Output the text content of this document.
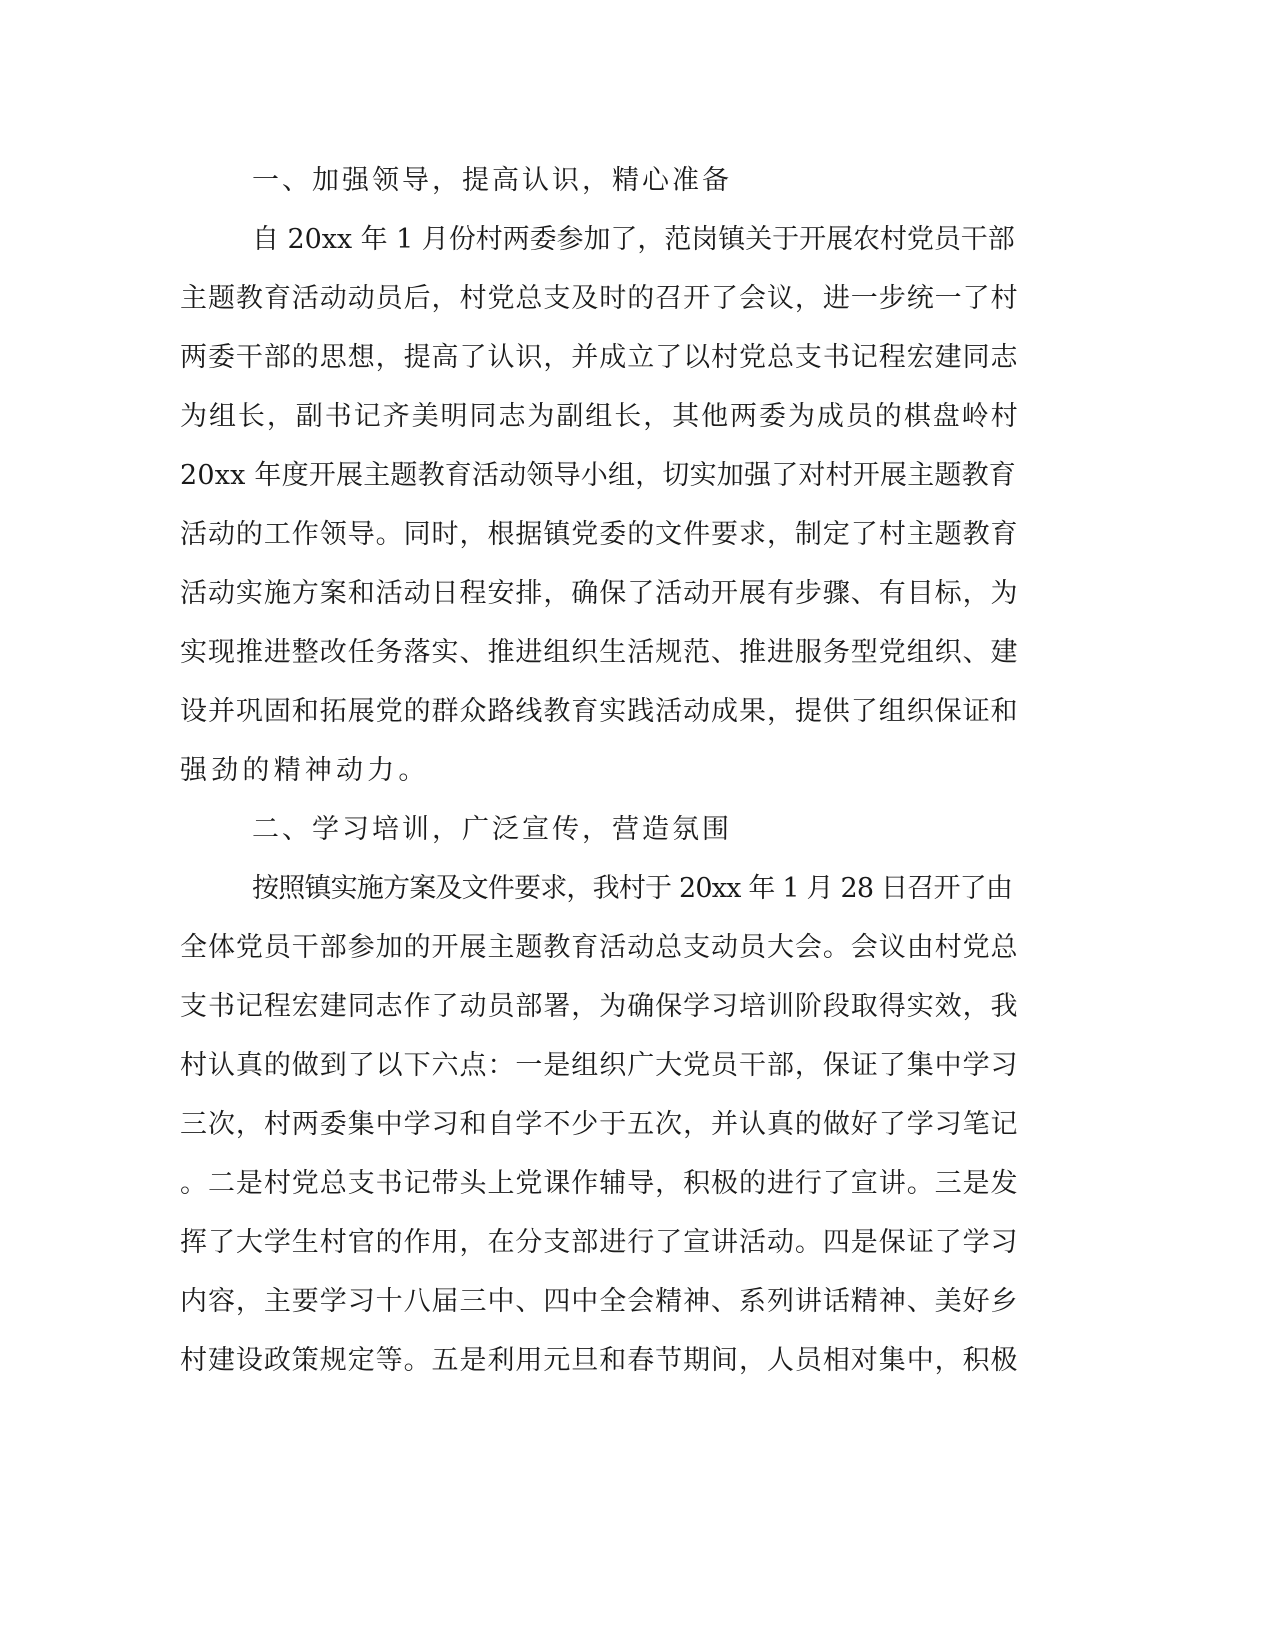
一、加强领导，提高认识，精心准备

自 20xx 年 1 月份村两委参加了，范岗镇关于开展农村党员干部

主题教育活动动员后，村党总支及时的召开了会议，进一步统一了村

两委干部的思想，提高了认识，并成立了以村党总支书记程宏建同志

为组长，副书记齐美明同志为副组长，其他两委为成员的棋盘岭村

20xx 年度开展主题教育活动领导小组，切实加强了对村开展主题教育

活动的工作领导。同时，根据镇党委的文件要求，制定了村主题教育

活动实施方案和活动日程安排，确保了活动开展有步骤、有目标，为

实现推进整改任务落实、推进组织生活规范、推进服务型党组织、建

设并巩固和拓展党的群众路线教育实践活动成果，提供了组织保证和

强劲的精神动力。

二、学习培训，广泛宣传，营造氛围

按照镇实施方案及文件要求，我村于 20xx 年 1 月 28 日召开了由

全体党员干部参加的开展主题教育活动总支动员大会。会议由村党总

支书记程宏建同志作了动员部署，为确保学习培训阶段取得实效，我

村认真的做到了以下六点：一是组织广大党员干部，保证了集中学习

三次，村两委集中学习和自学不少于五次，并认真的做好了学习笔记

。二是村党总支书记带头上党课作辅导，积极的进行了宣讲。三是发

挥了大学生村官的作用，在分支部进行了宣讲活动。四是保证了学习

内容，主要学习十八届三中、四中全会精神、系列讲话精神、美好乡

村建设政策规定等。五是利用元旦和春节期间，人员相对集中，积极
